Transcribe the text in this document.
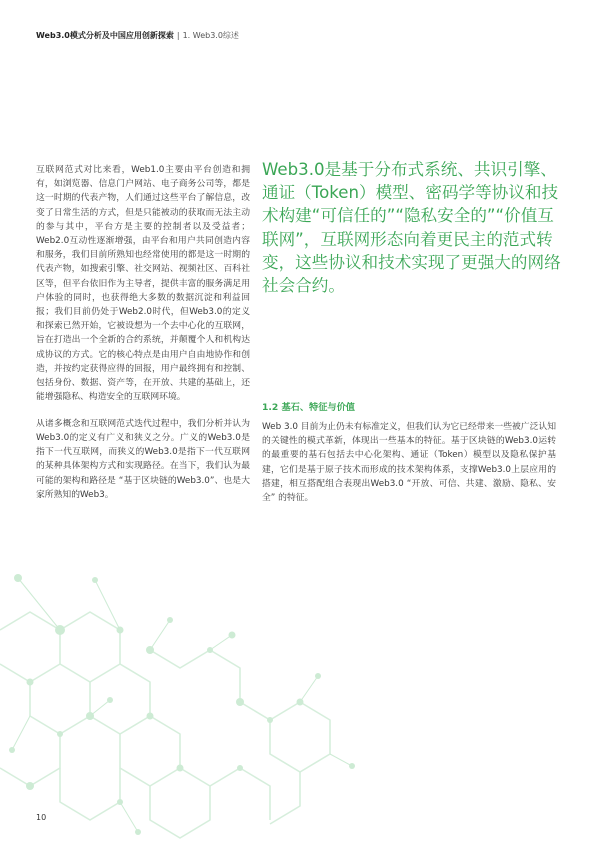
Web3.0模式分析及中国应用创新探索 | 1. Web3.0综述

互联网范式对比来看，Web1.0主要由平台创造和拥有，如浏览器、信息门户网站、电子商务公司等，都是这一时期的代表产物，人们通过这些平台了解信息，改变了日常生活的方式，但是只能被动的获取而无法主动的参与其中，平台方是主要的控制者以及受益者；Web2.0互动性逐渐增强，由平台和用户共同创造内容和服务，我们目前所熟知也经常使用的都是这一时期的代表产物，如搜索引擎、社交网站、视频社区、百科社区等，但平台依旧作为主导者，提供丰富的服务满足用户体验的同时，也获得绝大多数的数据沉淀和利益回报；我们目前仍处于Web2.0时代，但Web3.0的定义和探索已然开始，它被设想为一个去中心化的互联网，旨在打造出一个全新的合约系统，并颠覆个人和机构达成协议的方式。它的核心特点是由用户自由地协作和创造，并按约定获得应得的回报，用户最终拥有和控制、包括身份、数据、资产等，在开放、共建的基础上，还能增强隐私、构造安全的互联网环境。

从诸多概念和互联网范式迭代过程中，我们分析并认为Web3.0的定义有广义和狭义之分。广义的Web3.0是指下一代互联网，而狭义的Web3.0是指下一代互联网的某种具体架构方式和实现路径。在当下，我们认为最可能的架构和路径是 “基于区块链的Web3.0”、也是大家所熟知的Web3。

Web3.0是基于分布式系统、共识引擎、通证（Token）模型、密码学等协议和技术构建“可信任的”“隐私安全的”“价值互联网”，互联网形态向着更民主的范式转变，这些协议和技术实现了更强大的网络社会合约。
1.2 基石、特征与价值
Web 3.0 目前为止仍未有标准定义，但我们认为它已经带来一些被广泛认知的关键性的模式革新，体现出一些基本的特征。基于区块链的Web3.0运转的最重要的基石包括去中心化架构、通证（Token）模型以及隐私保护基建，它们是基于原子技术而形成的技术架构体系，支撑Web3.0上层应用的搭建，相互搭配组合表现出Web3.0 “开放、可信、共建、激励、隐私、安全” 的特征。
10
